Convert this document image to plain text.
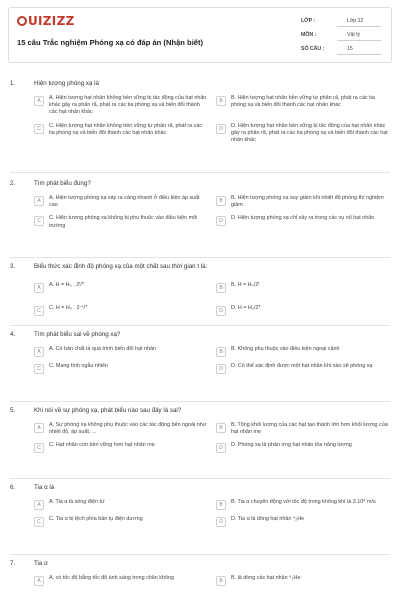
UIZIZZ
15 câu Trắc nghiệm Phóng xạ có đáp án (Nhận biết)
LỚP :	Lớp 12
MÔN :	Vật lý
SỐ CÂU :	15
1.	Hiện tượng phóng xạ là
A	A. Hiện tượng hạt nhân không bền vững bị tác động của hạt nhân khác gây ra phân rã, phát ra các tia phóng xạ và biến đổi thành các hạt nhân khác
B	B. Hiện tượng hạt nhân bền vững tự phân rã, phát ra các tia phóng xạ và biến đổi thành các hạt nhân khác
C	C. Hiện tượng hạt nhân không bền vững tự phân rã, phát ra các tia phóng xạ và biến đổi thành các hạt nhân khác
D	D. Hiện tượng hạt nhân bền vững bị tác động của hạt nhân khác gây ra phân rã, phát ra các tia phóng xạ và biến đổi thành các hạt nhân khác
2.	Tìm phát biểu đúng?
A	A. Hiện tượng phóng xạ xảy ra càng nhanh ở điều kiện áp suất cao
B	B. Hiện tượng phóng xạ suy giảm khi nhiệt độ phòng thí nghiệm giảm
C	C. Hiện tượng phóng xạ không bị phụ thuộc vào điều kiện môi trường
D	D. Hiện tượng phóng xạ chỉ xảy ra trong các vụ nổ hạt nhân
3.	Biểu thức xác định độ phóng xạ của một chất sau thời gian t là:
A	A. H = H₀ . 2ᵗ/ᵀ	B	B. H = H₀/2ᵗ
C	C. H = H₀ . 2⁻ᵗ/ᵀ	D	D. H = H₀/2ᵀ
4.	Tìm phát biểu sai về phóng xạ?
A	A. Có bản chất là quá trình biến đổi hạt nhân	B	B. Không phụ thuộc vào điều kiện ngoại cảnh
C	C. Mang tính ngẫu nhiên	D	D. Có thể xác định được một hạt nhân khi nào sẽ phóng xạ
5.	Khi nói về sự phóng xạ, phát biểu nào sau đây là sai?
A	A. Sự phóng xạ không phụ thuộc vào các tác động bên ngoài như nhiệt độ, áp suất, ...
B	B. Tổng khối lượng của các hạt tạo thành lớn hơn khối lượng của hạt nhân mẹ
C	C. Hạt nhân con bền vững hơn hạt nhân mẹ	D	D. Phóng xạ là phản ứng hạt nhân tỏa năng lượng
6.	Tia α là
A	A. Tia α là sóng điện từ	B	B. Tia α chuyển động với tốc độ trong không khí là 3.10⁸ m/s
C	C. Tia α bị lệch phía bản tụ điện dương	D	D. Tia α là dòng hạt nhân ⁴₂He
7.	Tia α
A	A. có tốc độ bằng tốc độ ánh sáng trong chân không	B	B. là dòng các hạt nhân ⁴₂He
